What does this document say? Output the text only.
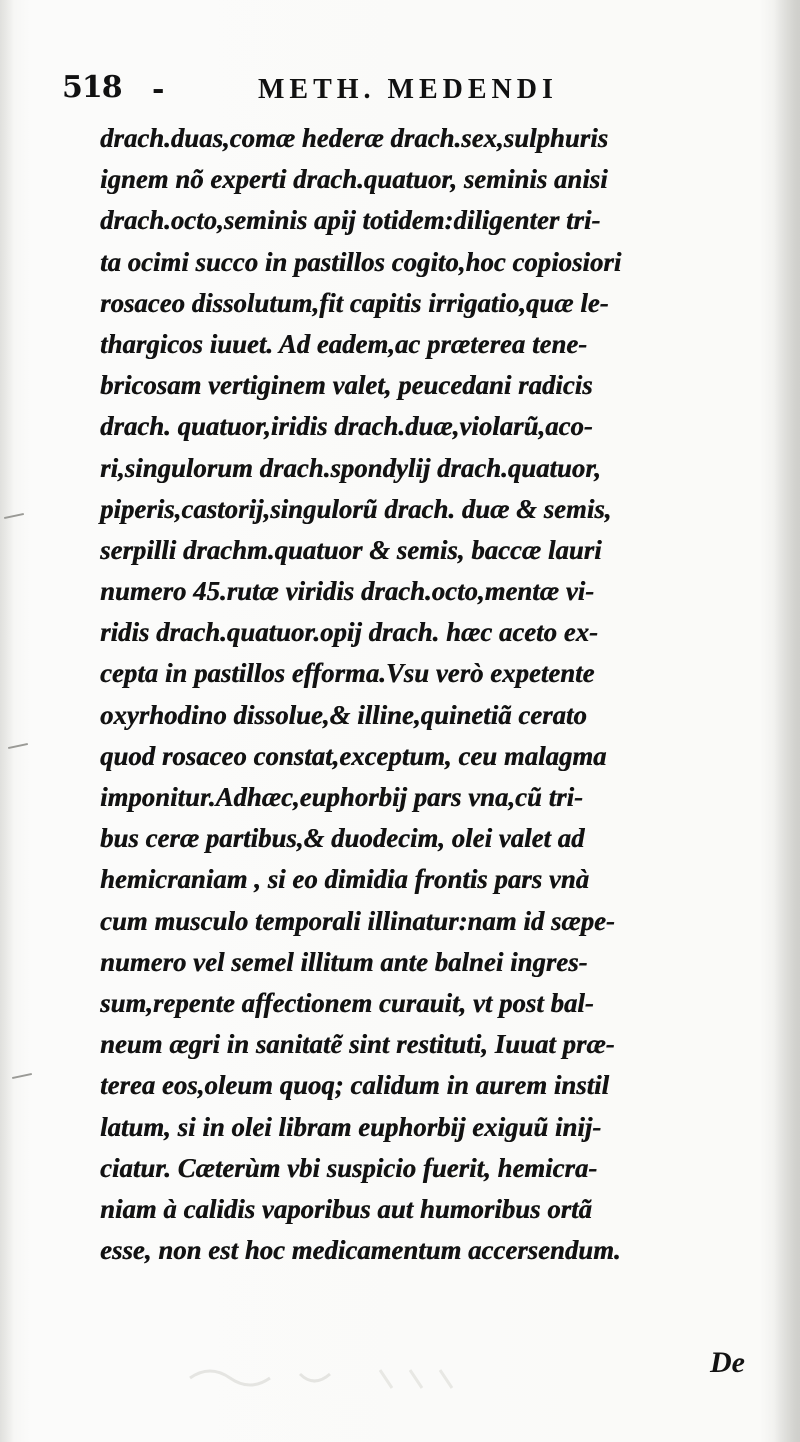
518 -	METH. MEDENDI
drach.duas,comæ hederæ drach.sex,sulphuris
ignem nõ experti drach.quatuor, seminis anisi
drach.octo,seminis apij totidem:diligenter tri-
ta ocimi succo in pastillos cogito,hoc copiosiori
rosaceo dissolutum,fit capitis irrigatio,quæ le-
thargicos iuuet. Ad eadem,ac præterea tene-
bricosam vertiginem valet, peucedani radicis
drach. quatuor,iridis drach.duæ,violarũ,aco-
ri,singulorum drach.spondylij drach.quatuor,
piperis,castorij,singulorũ drach. duæ & semis,
serpilli drachm.quatuor & semis, baccæ lauri
numero 45.rutæ viridis drach.octo,mentæ vi-
ridis drach.quatuor.opij drach. hæc aceto ex-
cepta in pastillos efforma.Vsu verò expetente
oxyrhodino dissolue,& illine,quinetiã cerato
quod rosaceo constat,exceptum, ceu malagma
imponitur.Adhæc,euphorbij pars vna,cũ tri-
bus ceræ partibus,& duodecim, olei valet ad
hemicraniam , si eo dimidia frontis pars vnà
cum musculo temporali illinatur:nam id sæpe-
numero vel semel illitum ante balnei ingres-
sum,repente affectionem curauit, vt post bal-
neum ægri in sanitatẽ sint restituti, Iuuat præ-
terea eos,oleum quoq; calidum in aurem instil
latum, si in olei libram euphorbij exiguũ inij-
ciatur. Cæterùm vbi suspicio fuerit, hemicra-
niam à calidis vaporibus aut humoribus ortã
esse, non est hoc medicamentum accersendum.
De
